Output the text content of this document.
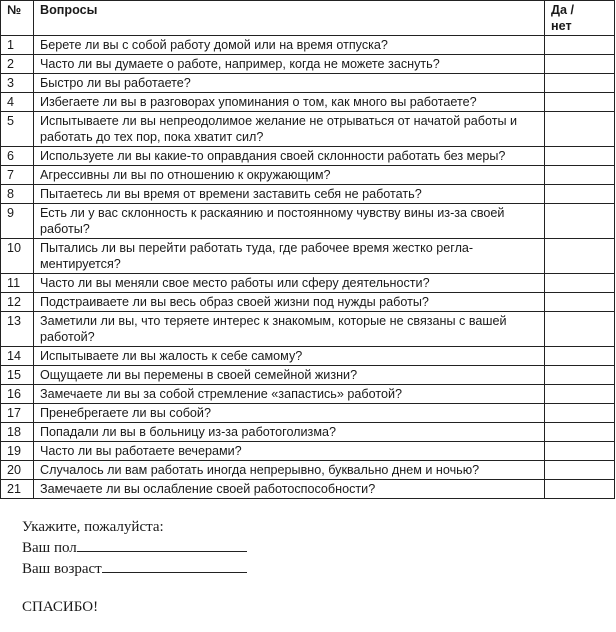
№	Вопросы	Да / нет
1	Берете ли вы с собой работу домой или на время отпуска?	
2	Часто ли вы думаете о работе, например, когда не можете заснуть?	
3	Быстро ли вы работаете?	
4	Избегаете ли вы в разговорах упоминания о том, как много вы работаете?	
5	Испытываете ли вы непреодолимое желание не отрываться от начатой работы и работать до тех пор, пока хватит сил?	
6	Используете ли вы какие-то оправдания своей склонности работать без меры?	
7	Агрессивны ли вы по отношению к окружающим?	
8	Пытаетесь ли вы время от времени заставить себя не работать?	
9	Есть ли у вас склонность к раскаянию и постоянному чувству вины из-за своей работы?	
10	Пытались ли вы перейти работать туда, где рабочее время жестко регла-ментируется?	
11	Часто ли вы меняли свое место работы или сферу деятельности?	
12	Подстраиваете ли вы весь образ своей жизни под нужды работы?	
13	Заметили ли вы, что теряете интерес к знакомым, которые не связаны с вашей работой?	
14	Испытываете ли вы жалость к себе самому?	
15	Ощущаете ли вы перемены в своей семейной жизни?	
16	Замечаете ли вы за собой стремление «запастись» работой?	
17	Пренебрегаете ли вы собой?	
18	Попадали ли вы в больницу из-за работоголизма?	
19	Часто ли вы работаете вечерами?	
20	Случалось ли вам работать иногда непрерывно, буквально днем и ночью?	
21	Замечаете ли вы ослабление своей работоспособности?	
Укажите, пожалуйста:
Ваш пол
Ваш возраст
СПАСИБО!
